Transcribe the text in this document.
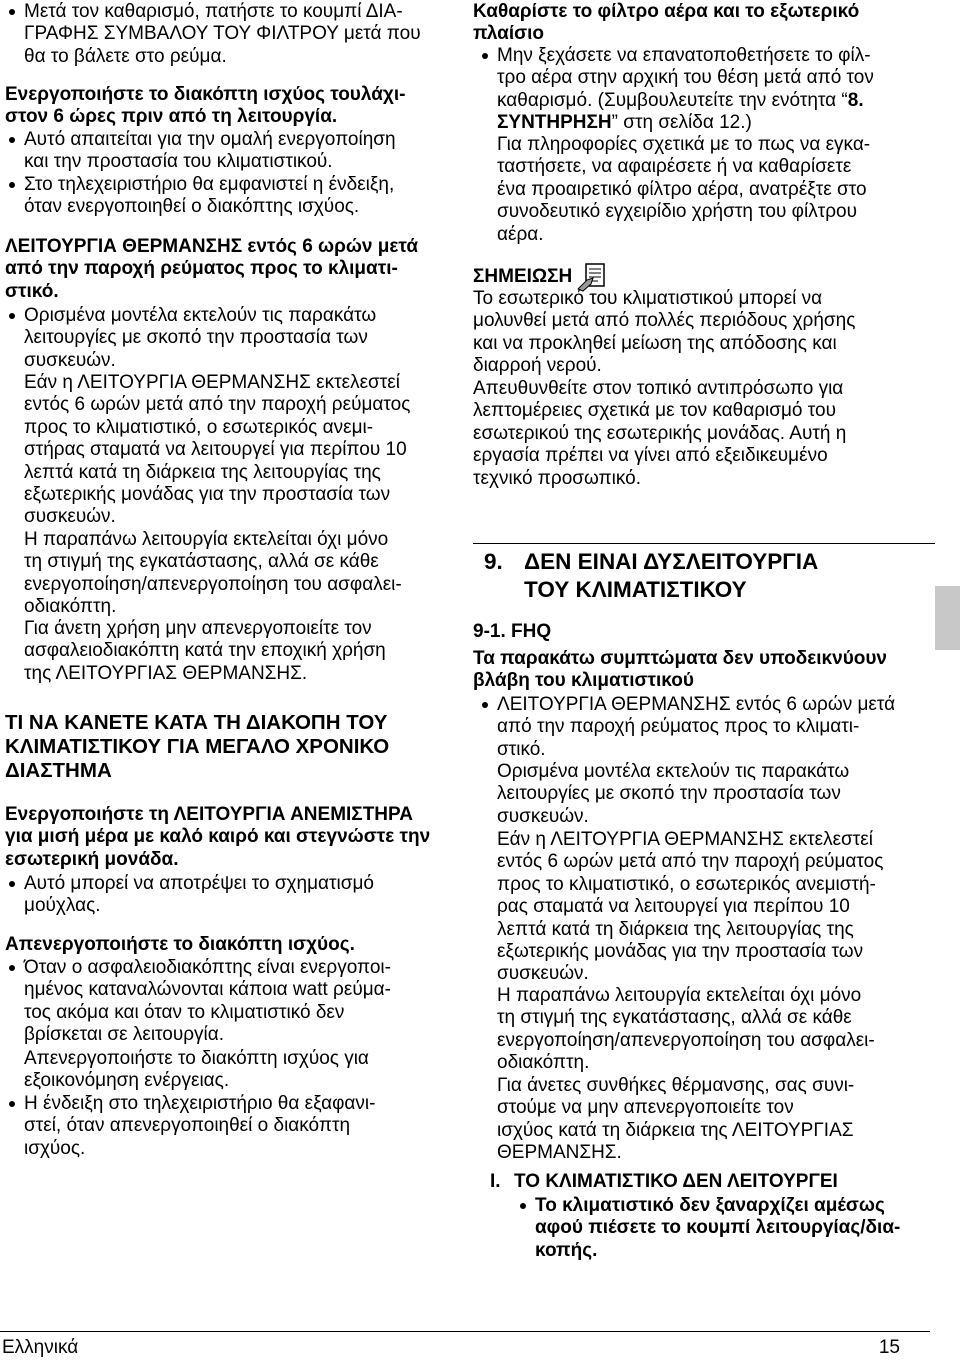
Μετά τον καθαρισμό, πατήστε το κουμπί ΔΙΑ-
ΓΡΑΦΗΣ ΣΥΜΒΑΛΟΥ ΤΟΥ ΦΙΛΤΡΟΥ μετά που
θα το βάλετε στο ρεύμα.
Ενεργοποιήστε το διακόπτη ισχύος τουλάχι-
στον 6 ώρες πριν από τη λειτουργία.
Αυτό απαιτείται για την ομαλή ενεργοποίηση
και την προστασία του κλιματιστικού.
Στο τηλεχειριστήριο θα εμφανιστεί η ένδειξη,
όταν ενεργοποιηθεί ο διακόπτης ισχύος.
ΛΕΙΤΟΥΡΓΙΑ ΘΕΡΜΑΝΣΗΣ εντός 6 ωρών μετά
από την παροχή ρεύματος προς το κλιματι-
στικό.
Ορισμένα μοντέλα εκτελούν τις παρακάτω
λειτουργίες με σκοπό την προστασία των
συσκευών.
Εάν η ΛΕΙΤΟΥΡΓΙΑ ΘΕΡΜΑΝΣΗΣ εκτελεστεί
εντός 6 ωρών μετά από την παροχή ρεύματος
προς το κλιματιστικό, ο εσωτερικός ανεμι-
στήρας σταματά να λειτουργεί για περίπου 10
λεπτά κατά τη διάρκεια της λειτουργίας της
εξωτερικής μονάδας για την προστασία των
συσκευών.
Η παραπάνω λειτουργία εκτελείται όχι μόνο
τη στιγμή της εγκατάστασης, αλλά σε κάθε
ενεργοποίηση/απενεργοποίηση του ασφαλει-
οδιακόπτη.
Για άνετη χρήση μην απενεργοποιείτε τον
ασφαλειοδιακόπτη κατά την εποχική χρήση
της ΛΕΙΤΟΥΡΓΙΑΣ ΘΕΡΜΑΝΣΗΣ.
ΤΙ ΝΑ ΚΑΝΕΤΕ ΚΑΤΑ ΤΗ ΔΙΑΚΟΠΗ ΤΟΥ
ΚΛΙΜΑΤΙΣΤΙΚΟΥ ΓΙΑ ΜΕΓΑΛΟ ΧΡΟΝΙΚΟ
ΔΙΑΣΤΗΜΑ
Ενεργοποιήστε τη ΛΕΙΤΟΥΡΓΙΑ ΑΝΕΜΙΣΤΗΡΑ
για μισή μέρα με καλό καιρό και στεγνώστε την
εσωτερική μονάδα.
Αυτό μπορεί να αποτρέψει το σχηματισμό
μούχλας.
Απενεργοποιήστε το διακόπτη ισχύος.
Όταν ο ασφαλειοδιακόπτης είναι ενεργοποι-
ημένος καταναλώνονται κάποια watt ρεύμα-
τος ακόμα και όταν το κλιματιστικό δεν
βρίσκεται σε λειτουργία.
Απενεργοποιήστε το διακόπτη ισχύος για
εξοικονόμηση ενέργειας.
Η ένδειξη στο τηλεχειριστήριο θα εξαφανι-
στεί, όταν απενεργοποιηθεί ο διακόπτη
ισχύος.
Καθαρίστε το φίλτρο αέρα και το εξωτερικό
πλαίσιο
Μην ξεχάσετε να επανατοποθετήσετε το φίλ-
τρο αέρα στην αρχική του θέση μετά από τον
καθαρισμό. (Συμβουλευτείτε την ενότητα “8.
ΣΥΝΤΗΡΗΣΗ” στη σελίδα 12.)
Για πληροφορίες σχετικά με το πως να εγκα-
ταστήσετε, να αφαιρέσετε ή να καθαρίσετε
ένα προαιρετικό φίλτρο αέρα, ανατρέξτε στο
συνοδευτικό εγχειρίδιο χρήστη του φίλτρου
αέρα.
ΣΗΜΕΙΩΣΗ
Το εσωτερικό του κλιματιστικού μπορεί να
μολυνθεί μετά από πολλές περιόδους χρήσης
και να προκληθεί μείωση της απόδοσης και
διαρροή νερού.
Απευθυνθείτε στον τοπικό αντιπρόσωπο για
λεπτομέρειες σχετικά με τον καθαρισμό του
εσωτερικού της εσωτερικής μονάδας. Αυτή η
εργασία πρέπει να γίνει από εξειδικευμένο
τεχνικό προσωπικό.
9. ΔΕΝ ΕΙΝΑΙ ΔΥΣΛΕΙΤΟΥΡΓΙΑ
ΤΟΥ ΚΛΙΜΑΤΙΣΤΙΚΟΥ
9-1. FHQ
Τα παρακάτω συμπτώματα δεν υποδεικνύουν
βλάβη του κλιματιστικού
ΛΕΙΤΟΥΡΓΙΑ ΘΕΡΜΑΝΣΗΣ εντός 6 ωρών μετά
από την παροχή ρεύματος προς το κλιματι-
στικό.
Ορισμένα μοντέλα εκτελούν τις παρακάτω
λειτουργίες με σκοπό την προστασία των
συσκευών.
Εάν η ΛΕΙΤΟΥΡΓΙΑ ΘΕΡΜΑΝΣΗΣ εκτελεστεί
εντός 6 ωρών μετά από την παροχή ρεύματος
προς το κλιματιστικό, ο εσωτερικός ανεμιστή-
ρας σταματά να λειτουργεί για περίπου 10
λεπτά κατά τη διάρκεια της λειτουργίας της
εξωτερικής μονάδας για την προστασία των
συσκευών.
Η παραπάνω λειτουργία εκτελείται όχι μόνο
τη στιγμή της εγκατάστασης, αλλά σε κάθε
ενεργοποίηση/απενεργοποίηση του ασφαλει-
οδιακόπτη.
Για άνετες συνθήκες θέρμανσης, σας συνι-
στούμε να μην απενεργοποιείτε τον
ισχύος κατά τη διάρκεια της ΛΕΙΤΟΥΡΓΙΑΣ
ΘΕΡΜΑΝΣΗΣ.
I. ΤΟ ΚΛΙΜΑΤΙΣΤΙΚΟ ΔΕΝ ΛΕΙΤΟΥΡΓΕΙ
Το κλιματιστικό δεν ξαναρχίζει αμέσως
αφού πιέσετε το κουμπί λειτουργίας/δια-
κοπής.
Ελληνικά	15
